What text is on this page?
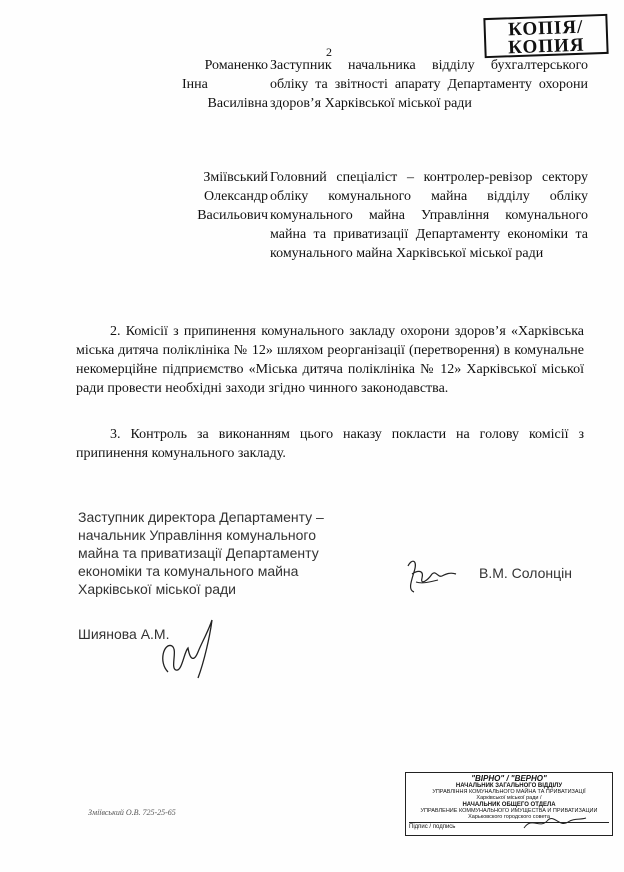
2
КОПІЯ/
КОПИЯ
Романенко
Інна
Василівна
Заступник начальника відділу бухгалтерського обліку та звітності апарату Департаменту охорони здоров’я Харківської міської ради
Зміївський
Олександр
Васильович
Головний спеціаліст – контролер-ревізор сектору обліку комунального майна відділу обліку комунального майна Управління комунального майна та приватизації Департаменту економіки та комунального майна Харківської міської ради
2. Комісії з припинення комунального закладу охорони здоров’я «Харківська міська дитяча поліклініка № 12» шляхом реорганізації (перетворення) в комунальне некомерційне підприємство «Міська дитяча поліклініка № 12» Харківської міської ради провести необхідні заходи згідно чинного законодавства.
3. Контроль за виконанням цього наказу покласти на голову комісії з припинення комунального закладу.
Заступник директора Департаменту –
начальник Управління комунального
майна та приватизації Департаменту
економіки та комунального майна
Харківської міської ради
В.М. Солонцін
Шиянова А.М.
Зміївський О.В. 725-25-65
"ВІРНО" / "ВЕРНО"
НАЧАЛЬНИК ЗАГАЛЬНОГО ВІДДІЛУ
УПРАВЛІННЯ КОМУНАЛЬНОГО МАЙНА ТА ПРИВАТИЗАЦІЇ
Харківської міської ради /
НАЧАЛЬНИК ОБЩЕГО ОТДЕЛА
УПРАВЛЕНИЕ КОММУНАЛЬНОГО ИМУЩЕСТВА И ПРИВАТИЗАЦИИ
Харьковского городского совета
Підпис / подпись
